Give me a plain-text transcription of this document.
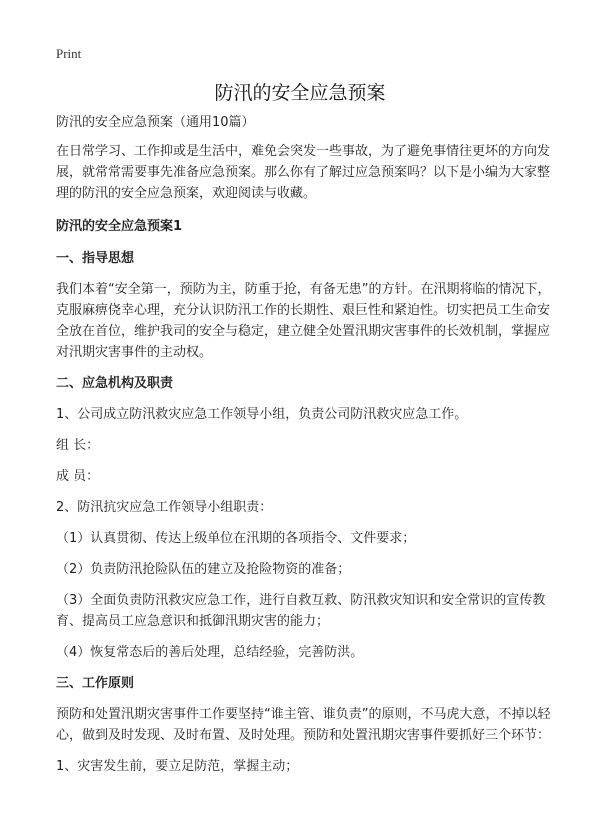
Print
防汛的安全应急预案

防汛的安全应急预案（通用10篇）

在日常学习、工作抑或是生活中，难免会突发一些事故，为了避免事情往更坏的方向发展，就常常需要事先准备应急预案。那么你有了解过应急预案吗？以下是小编为大家整理的防汛的安全应急预案，欢迎阅读与收藏。

防汛的安全应急预案1

一、指导思想

我们本着“安全第一，预防为主，防重于抢，有备无患”的方针。在汛期将临的情况下，克服麻痹侥幸心理，充分认识防汛工作的长期性、艰巨性和紧迫性。切实把员工生命安全放在首位，维护我司的安全与稳定，建立健全处置汛期灾害事件的长效机制，掌握应对汛期灾害事件的主动权。

二、应急机构及职责

1、公司成立防汛救灾应急工作领导小组，负责公司防汛救灾应急工作。

组 长：

成 员：

2、防汛抗灾应急工作领导小组职责：

（1）认真贯彻、传达上级单位在汛期的各项指令、文件要求；

（2）负责防汛抢险队伍的建立及抢险物资的准备；

（3）全面负责防汛救灾应急工作，进行自救互救、防汛救灾知识和安全常识的宣传教育、提高员工应急意识和抵御汛期灾害的能力；

（4）恢复常态后的善后处理，总结经验，完善防洪。

三、工作原则

预防和处置汛期灾害事件工作要坚持“谁主管、谁负责”的原则，不马虎大意，不掉以轻心，做到及时发现、及时布置、及时处理。预防和处置汛期灾害事件要抓好三个环节：

1、灾害发生前，要立足防范，掌握主动；
